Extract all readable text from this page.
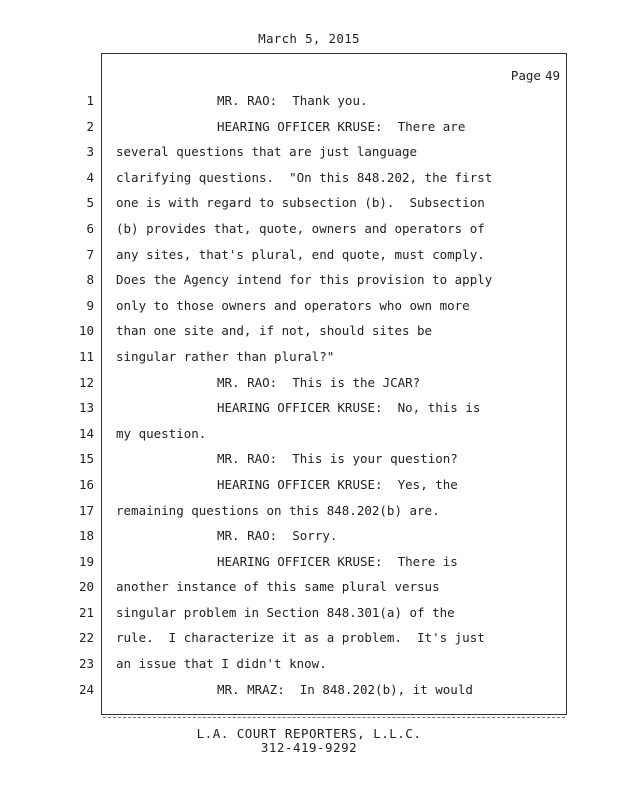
March 5, 2015
Page 49
1
2
3
4
5
6
7
8
9
10
11
12
13
14
15
16
17
18
19
20
21
22
23
24
MR. RAO:  Thank you.
HEARING OFFICER KRUSE:  There are
several questions that are just language
clarifying questions.  "On this 848.202, the first
one is with regard to subsection (b).  Subsection
(b) provides that, quote, owners and operators of
any sites, that's plural, end quote, must comply.
Does the Agency intend for this provision to apply
only to those owners and operators who own more
than one site and, if not, should sites be
singular rather than plural?"
MR. RAO:  This is the JCAR?
HEARING OFFICER KRUSE:  No, this is
my question.
MR. RAO:  This is your question?
HEARING OFFICER KRUSE:  Yes, the
remaining questions on this 848.202(b) are.
MR. RAO:  Sorry.
HEARING OFFICER KRUSE:  There is
another instance of this same plural versus
singular problem in Section 848.301(a) of the
rule.  I characterize it as a problem.  It's just
an issue that I didn't know.
MR. MRAZ:  In 848.202(b), it would
L.A. COURT REPORTERS, L.L.C.
312-419-9292
